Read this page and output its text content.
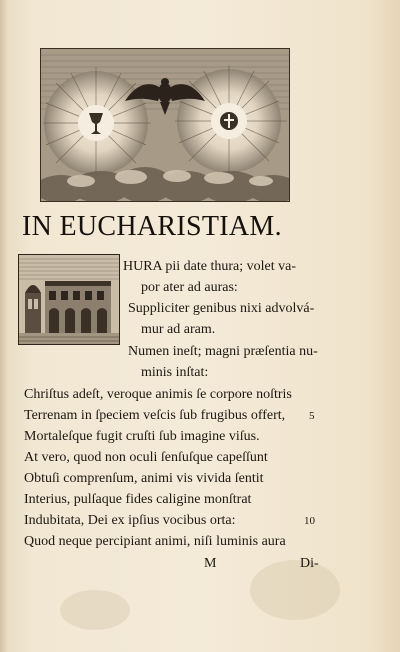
IN EUCHARISTIAM.
HURA pii date thura; volet va-
por ater ad auras:
Suppliciter genibus nixi advolvá-
mur ad aram.
Numen ineſt; magni præſentia nu-
minis inſtat:
Chriſtus adeſt, veroque animis ſe corpore noſtris
Terrenam in ſpeciem veſcis ſub frugibus offert,
Mortaleſque fugit cruſti ſub imagine viſus.
At vero, quod non oculi ſenſuſque capeſſunt
Obtuſi comprenſum, animi vis vivida ſentit
Interius, pulſaque fides caligine monſtrat
Indubitata, Dei ex ipſius vocibus orta:
Quod neque percipiant animi, niſi luminis aura
5
10
M	Di-
